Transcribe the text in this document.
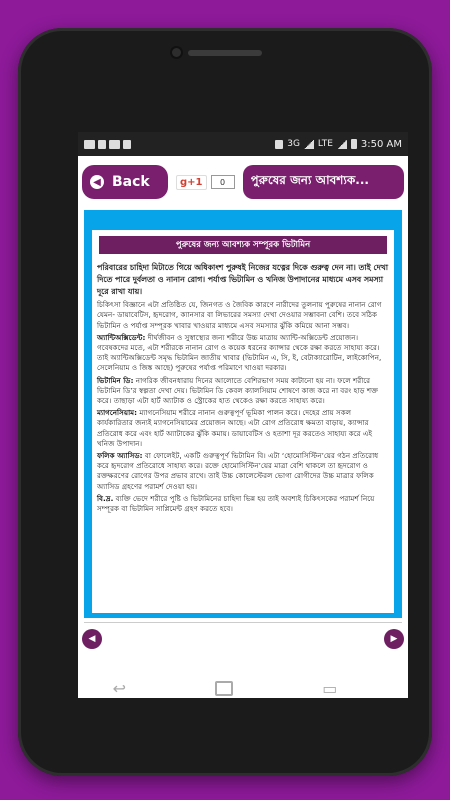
3G LTE	3:50 AM
◀ Back	g+1	0	পুরুষের জন্য আবশ্যক...
পুরুষের জন্য আবশ্যক সম্পূরক ভিটামিন
পরিবারের চাহিদা মিটাতে গিয়ে অধিকাংশ পুরুষই নিজের যত্নের দিকে গুরুত্ব দেন না। তাই দেখা দিতে পারে দুর্বলতা ও নানান রোগ। পর্যাপ্ত ভিটামিন ও খনিজ উপাদানের মাধ্যমে এসব সমস্যা দূরে রাখা যায়।

চিকিৎসা বিজ্ঞানে এটা প্রতিষ্ঠিত যে, জিনগত ও জৈবিক কারণে নারীদের তুলনায় পুরুষের নানান রোগ যেমন- ডায়াবেটিস, হৃদরোগ, ক্যানসার বা লিভারের সমস্যা দেখা দেওয়ার সম্ভাবনা বেশি। তবে সঠিক ভিটামিন ও পর্যাপ্ত সম্পূরক খাবার খাওয়ার মাধ্যমে এসব সমস্যার ঝুঁকি কমিয়ে আনা সম্ভব।

অ্যান্টিঅক্সিডেন্ট: দীর্ঘজীবন ও সুস্বাস্থ্যের জন্য শরীরে উচ্চ মাত্রায় অ্যান্টি-অক্সিডেন্ট প্রয়োজন। গবেষকদের মতে, এটা শরীরকে নানান রোগ ও কয়েক ধরনের ক্যান্সার থেকে রক্ষা করতে সাহায্য করে। তাই অ্যান্টিঅক্সিডেন্ট সমৃদ্ধ ভিটামিন জাতীয় খাবার (ভিটামিন এ, সি, ই, বেটাক্যারোটিন, লাইকোপিন, সেলেনিয়াম ও জিঙ্ক আছে) পুরুষের পর্যাপ্ত পরিমাণে খাওয়া দরকার।

ভিটামিন ডি: নাগরিক জীবনধারায় দিনের আলোতে বেশিরভাগ সময় কাটানো হয় না। ফলে শরীরে ভিটামিন ডি’র স্বল্পতা দেখা দেয়। ভিটামিন ডি কেবল ক্যালসিয়াম শোষণে কাজ করে না বরং হাড় শক্ত করে। তাছাড়া এটা হার্ট অ্যাটাক ও স্ট্রোকের হাত থেকেও রক্ষা করতে সাহায্য করে।

ম্যাগনেসিয়াম: ম্যাগনেসিয়াম শরীরে নানান গুরুত্বপূর্ণ ভূমিকা পালন করে। দেহের প্রায় সকল কার্যকারিতার জন্যই ম্যাগনেসিয়ামের প্রয়োজন আছে। এটা রোগ প্রতিরোধ ক্ষমতা বাড়ায়, ক্যান্সার প্রতিরোধ করে এবং হার্ট অ্যাটাকের ঝুঁকি কমায়। ডায়াবেটিস ও হতাশা দূর করতেও সাহায্য করে এই খনিজ উপাদান।

ফলিক অ্যাসিড: বা ফোলেইট, একটি গুরুত্বপূর্ণ ভিটামিন বি। এটা ‘হোমোসিস্টিন’য়ের গঠন প্রতিরোধ করে হৃদরোগ প্রতিরোধে সাহায্য করে। রক্তে হোমোসিস্টিন’য়ের মাত্রা বেশি থাকলে তা হৃদরোগ ও রক্তক্ষরণের রোগের উপর প্রভাব রাখে। তাই উচ্চ কোলেস্টেরল ভোগা রোগীদের উচ্চ মাত্রার ফলিক অ্যাসিড গ্রহণের পরামর্শ দেওয়া হয়।

বি.দ্র. ব্যক্তি ভেদে শরীরে পুষ্টি ও ভিটামিনের চাহিদা ভিন্ন হয় তাই অবশ্যই চিকিৎসকের পরামর্শ নিয়ে সম্পূরক বা ভিটামিন সাপ্লিমেন্ট গ্রহণ করতে হবে।

◀	▶
↩	▭
